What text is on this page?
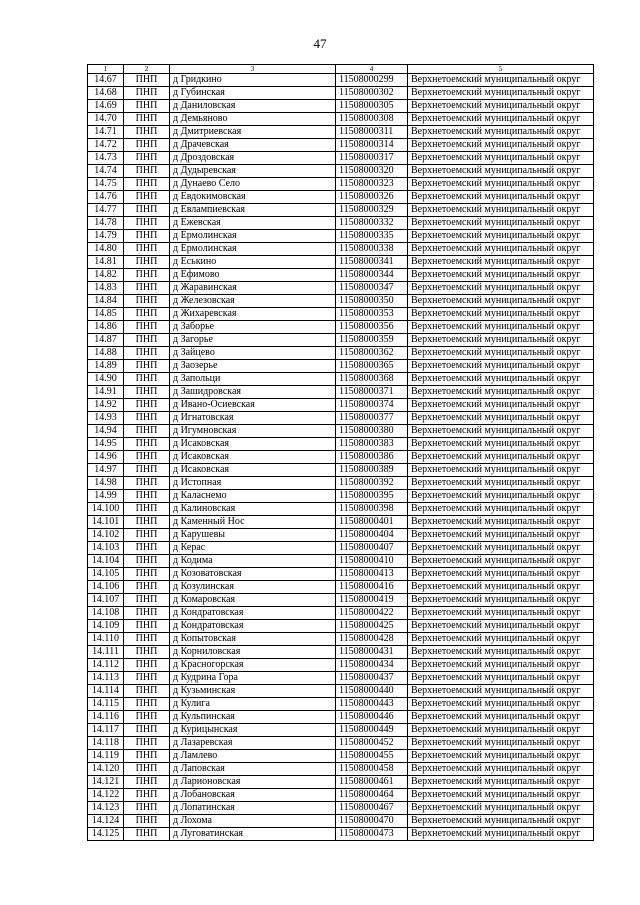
47
1	2	3	4	5
14.67	ПНП	д Гридкино	11508000299	Верхнетоемский муниципальный округ
14.68	ПНП	д Губинская	11508000302	Верхнетоемский муниципальный округ
14.69	ПНП	д Даниловская	11508000305	Верхнетоемский муниципальный округ
14.70	ПНП	д Демьяново	11508000308	Верхнетоемский муниципальный округ
14.71	ПНП	д Дмитриевская	11508000311	Верхнетоемский муниципальный округ
14.72	ПНП	д Драчевская	11508000314	Верхнетоемский муниципальный округ
14.73	ПНП	д Дроздовская	11508000317	Верхнетоемский муниципальный округ
14.74	ПНП	д Дудыревская	11508000320	Верхнетоемский муниципальный округ
14.75	ПНП	д Дунаево Село	11508000323	Верхнетоемский муниципальный округ
14.76	ПНП	д Евдокимовская	11508000326	Верхнетоемский муниципальный округ
14.77	ПНП	д Евлампиевская	11508000329	Верхнетоемский муниципальный округ
14.78	ПНП	д Ежевская	11508000332	Верхнетоемский муниципальный округ
14.79	ПНП	д Ермолинская	11508000335	Верхнетоемский муниципальный округ
14.80	ПНП	д Ермолинская	11508000338	Верхнетоемский муниципальный округ
14.81	ПНП	д Еськино	11508000341	Верхнетоемский муниципальный округ
14.82	ПНП	д Ефимово	11508000344	Верхнетоемский муниципальный округ
14.83	ПНП	д Жаравинская	11508000347	Верхнетоемский муниципальный округ
14.84	ПНП	д Железовская	11508000350	Верхнетоемский муниципальный округ
14.85	ПНП	д Жихаревская	11508000353	Верхнетоемский муниципальный округ
14.86	ПНП	д Заборье	11508000356	Верхнетоемский муниципальный округ
14.87	ПНП	д Загорье	11508000359	Верхнетоемский муниципальный округ
14.88	ПНП	д Зайцево	11508000362	Верхнетоемский муниципальный округ
14.89	ПНП	д Заозерье	11508000365	Верхнетоемский муниципальный округ
14.90	ПНП	д Запольци	11508000368	Верхнетоемский муниципальный округ
14.91	ПНП	д Зашидровская	11508000371	Верхнетоемский муниципальный округ
14.92	ПНП	д Ивано-Осиевская	11508000374	Верхнетоемский муниципальный округ
14.93	ПНП	д Игнатовская	11508000377	Верхнетоемский муниципальный округ
14.94	ПНП	д Игумновская	11508000380	Верхнетоемский муниципальный округ
14.95	ПНП	д Исаковская	11508000383	Верхнетоемский муниципальный округ
14.96	ПНП	д Исаковская	11508000386	Верхнетоемский муниципальный округ
14.97	ПНП	д Исаковская	11508000389	Верхнетоемский муниципальный округ
14.98	ПНП	д Истопная	11508000392	Верхнетоемский муниципальный округ
14.99	ПНП	д Каласнемо	11508000395	Верхнетоемский муниципальный округ
14.100	ПНП	д Калиновская	11508000398	Верхнетоемский муниципальный округ
14.101	ПНП	д Каменный Нос	11508000401	Верхнетоемский муниципальный округ
14.102	ПНП	д Карушевы	11508000404	Верхнетоемский муниципальный округ
14.103	ПНП	д Керас	11508000407	Верхнетоемский муниципальный округ
14.104	ПНП	д Кодима	11508000410	Верхнетоемский муниципальный округ
14.105	ПНП	д Козоватовская	11508000413	Верхнетоемский муниципальный округ
14.106	ПНП	д Козулинская	11508000416	Верхнетоемский муниципальный округ
14.107	ПНП	д Комаровская	11508000419	Верхнетоемский муниципальный округ
14.108	ПНП	д Кондратовская	11508000422	Верхнетоемский муниципальный округ
14.109	ПНП	д Кондратовская	11508000425	Верхнетоемский муниципальный округ
14.110	ПНП	д Копытовская	11508000428	Верхнетоемский муниципальный округ
14.111	ПНП	д Корниловская	11508000431	Верхнетоемский муниципальный округ
14.112	ПНП	д Красногорская	11508000434	Верхнетоемский муниципальный округ
14.113	ПНП	д Кудрина Гора	11508000437	Верхнетоемский муниципальный округ
14.114	ПНП	д Кузьминская	11508000440	Верхнетоемский муниципальный округ
14.115	ПНП	д Кулига	11508000443	Верхнетоемский муниципальный округ
14.116	ПНП	д Кульпинская	11508000446	Верхнетоемский муниципальный округ
14.117	ПНП	д Курицынская	11508000449	Верхнетоемский муниципальный округ
14.118	ПНП	д Лазаревская	11508000452	Верхнетоемский муниципальный округ
14.119	ПНП	д Ламлево	11508000455	Верхнетоемский муниципальный округ
14.120	ПНП	д Лаповская	11508000458	Верхнетоемский муниципальный округ
14.121	ПНП	д Ларионовская	11508000461	Верхнетоемский муниципальный округ
14.122	ПНП	д Лобановская	11508000464	Верхнетоемский муниципальный округ
14.123	ПНП	д Лопатинская	11508000467	Верхнетоемский муниципальный округ
14.124	ПНП	д Лохома	11508000470	Верхнетоемский муниципальный округ
14.125	ПНП	д Луговатинская	11508000473	Верхнетоемский муниципальный округ
